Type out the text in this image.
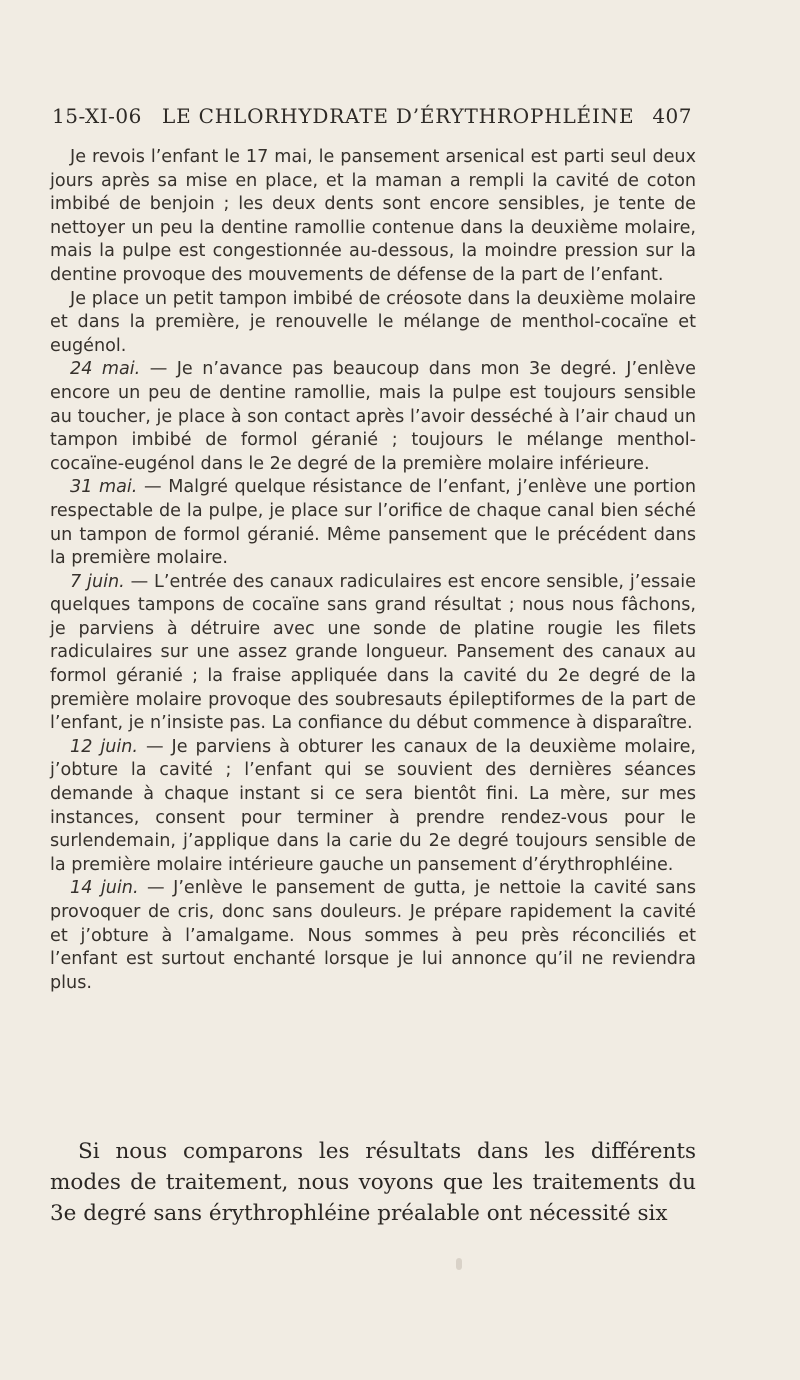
15-XI-06 LE CHLORHYDRATE D’ÉRYTHROPHLÉINE 407

Je revois l’enfant le 17 mai, le pansement arsenical est parti seul deux jours après sa mise en place, et la maman a rempli la cavité de coton imbibé de benjoin ; les deux dents sont encore sensibles, je tente de nettoyer un peu la dentine ramollie contenue dans la deuxième molaire, mais la pulpe est congestionnée au-dessous, la moindre pression sur la dentine provoque des mouvements de défense de la part de l’enfant.

Je place un petit tampon imbibé de créosote dans la deuxième molaire et dans la première, je renouvelle le mélange de menthol-cocaïne et eugénol.

24 mai. — Je n’avance pas beaucoup dans mon 3e degré. J’enlève encore un peu de dentine ramollie, mais la pulpe est toujours sensible au toucher, je place à son contact après l’avoir desséché à l’air chaud un tampon imbibé de formol géranié ; toujours le mélange menthol-cocaïne-eugénol dans le 2e degré de la première molaire inférieure.

31 mai. — Malgré quelque résistance de l’enfant, j’enlève une portion respectable de la pulpe, je place sur l’orifice de chaque canal bien séché un tampon de formol géranié. Même pansement que le précédent dans la première molaire.

7 juin. — L’entrée des canaux radiculaires est encore sensible, j’essaie quelques tampons de cocaïne sans grand résultat ; nous nous fâchons, je parviens à détruire avec une sonde de platine rougie les filets radiculaires sur une assez grande longueur. Pansement des canaux au formol géranié ; la fraise appliquée dans la cavité du 2e degré de la première molaire provoque des soubresauts épileptiformes de la part de l’enfant, je n’insiste pas. La confiance du début commence à disparaître.

12 juin. — Je parviens à obturer les canaux de la deuxième molaire, j’obture la cavité ; l’enfant qui se souvient des dernières séances demande à chaque instant si ce sera bientôt fini. La mère, sur mes instances, consent pour terminer à prendre rendez-vous pour le surlendemain, j’applique dans la carie du 2e degré toujours sensible de la première molaire intérieure gauche un pansement d’érythrophléine.

14 juin. — J’enlève le pansement de gutta, je nettoie la cavité sans provoquer de cris, donc sans douleurs. Je prépare rapidement la cavité et j’obture à l’amalgame. Nous sommes à peu près réconciliés et l’enfant est surtout enchanté lorsque je lui annonce qu’il ne reviendra plus.

Si nous comparons les résultats dans les différents modes de traitement, nous voyons que les traitements du 3e degré sans érythrophléine préalable ont nécessité six
